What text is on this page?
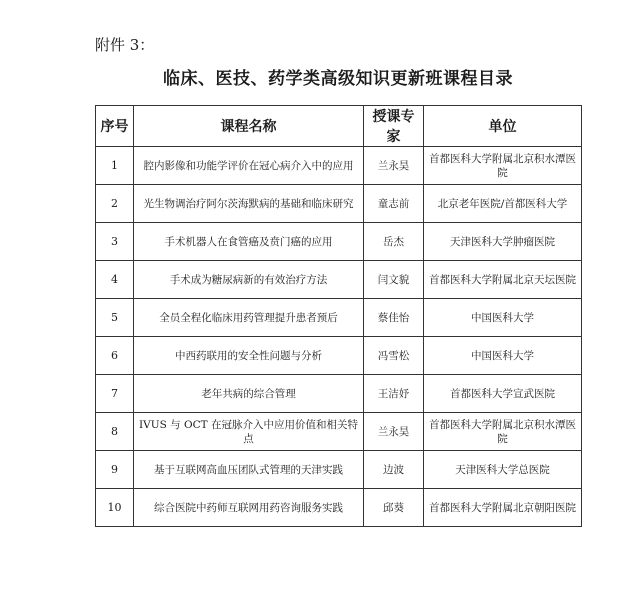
附件 3：
临床、医技、药学类高级知识更新班课程目录
序号	课程名称	授课专家	单位
1	腔内影像和功能学评价在冠心病介入中的应用	兰永昊	首都医科大学附属北京积水潭医院
2	光生物调治疗阿尔茨海默病的基础和临床研究	童志前	北京老年医院/首都医科大学
3	手术机器人在食管癌及贲门癌的应用	岳杰	天津医科大学肿瘤医院
4	手术成为糖尿病新的有效治疗方法	闫文貌	首都医科大学附属北京天坛医院
5	全员全程化临床用药管理提升患者预后	蔡佳怡	中国医科大学
6	中西药联用的安全性问题与分析	冯雪松	中国医科大学
7	老年共病的综合管理	王洁妤	首都医科大学宣武医院
8	IVUS 与 OCT 在冠脉介入中应用价值和相关特点	兰永昊	首都医科大学附属北京积水潭医院
9	基于互联网高血压团队式管理的天津实践	边波	天津医科大学总医院
10	综合医院中药师互联网用药咨询服务实践	邱葵	首都医科大学附属北京朝阳医院
